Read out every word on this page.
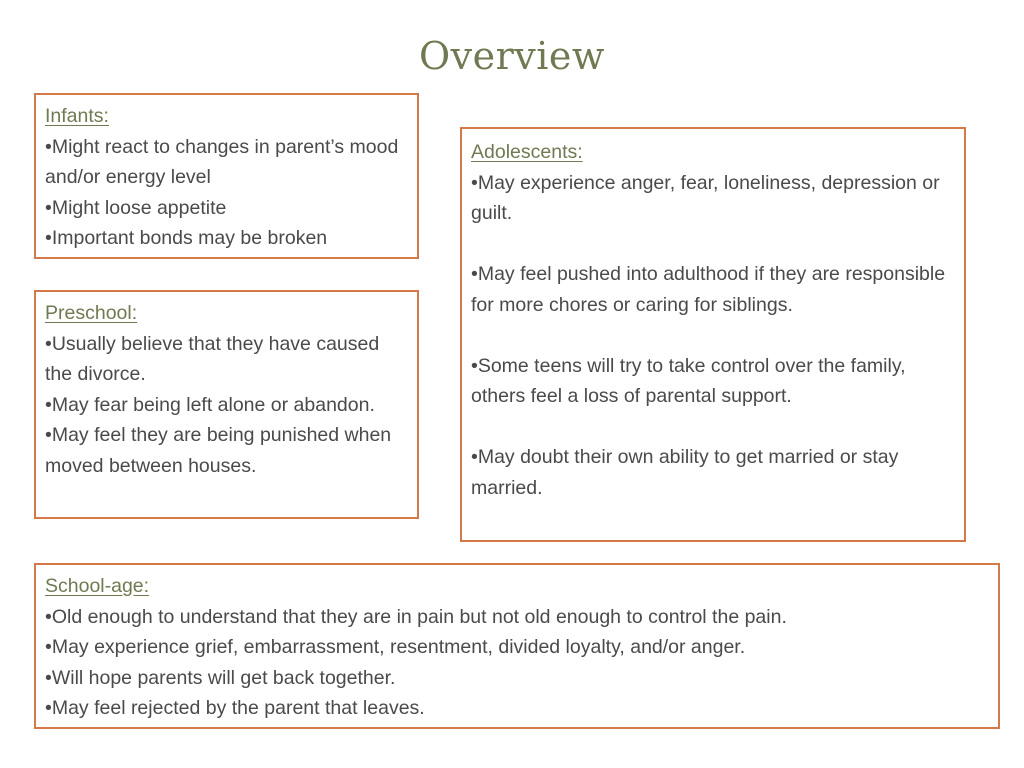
Overview
Infants:
• Might react to changes in parent’s mood and/or energy level
• Might loose appetite
• Important bonds may be broken
Preschool:
• Usually believe that they have caused the divorce.
• May fear being left alone or abandon.
• May feel they are being punished when moved between houses.
Adolescents:
• May experience anger, fear, loneliness, depression or guilt.
• May feel pushed into adulthood if they are responsible for more chores or caring for siblings.
• Some teens will try to take control over the family, others feel a loss of parental support.
• May doubt their own ability to get married or stay married.
School-age:
• Old enough to understand that they are in pain but not old enough to control the pain.
• May experience grief, embarrassment, resentment, divided loyalty, and/or anger.
• Will hope parents will get back together.
• May feel rejected by the parent that leaves.
